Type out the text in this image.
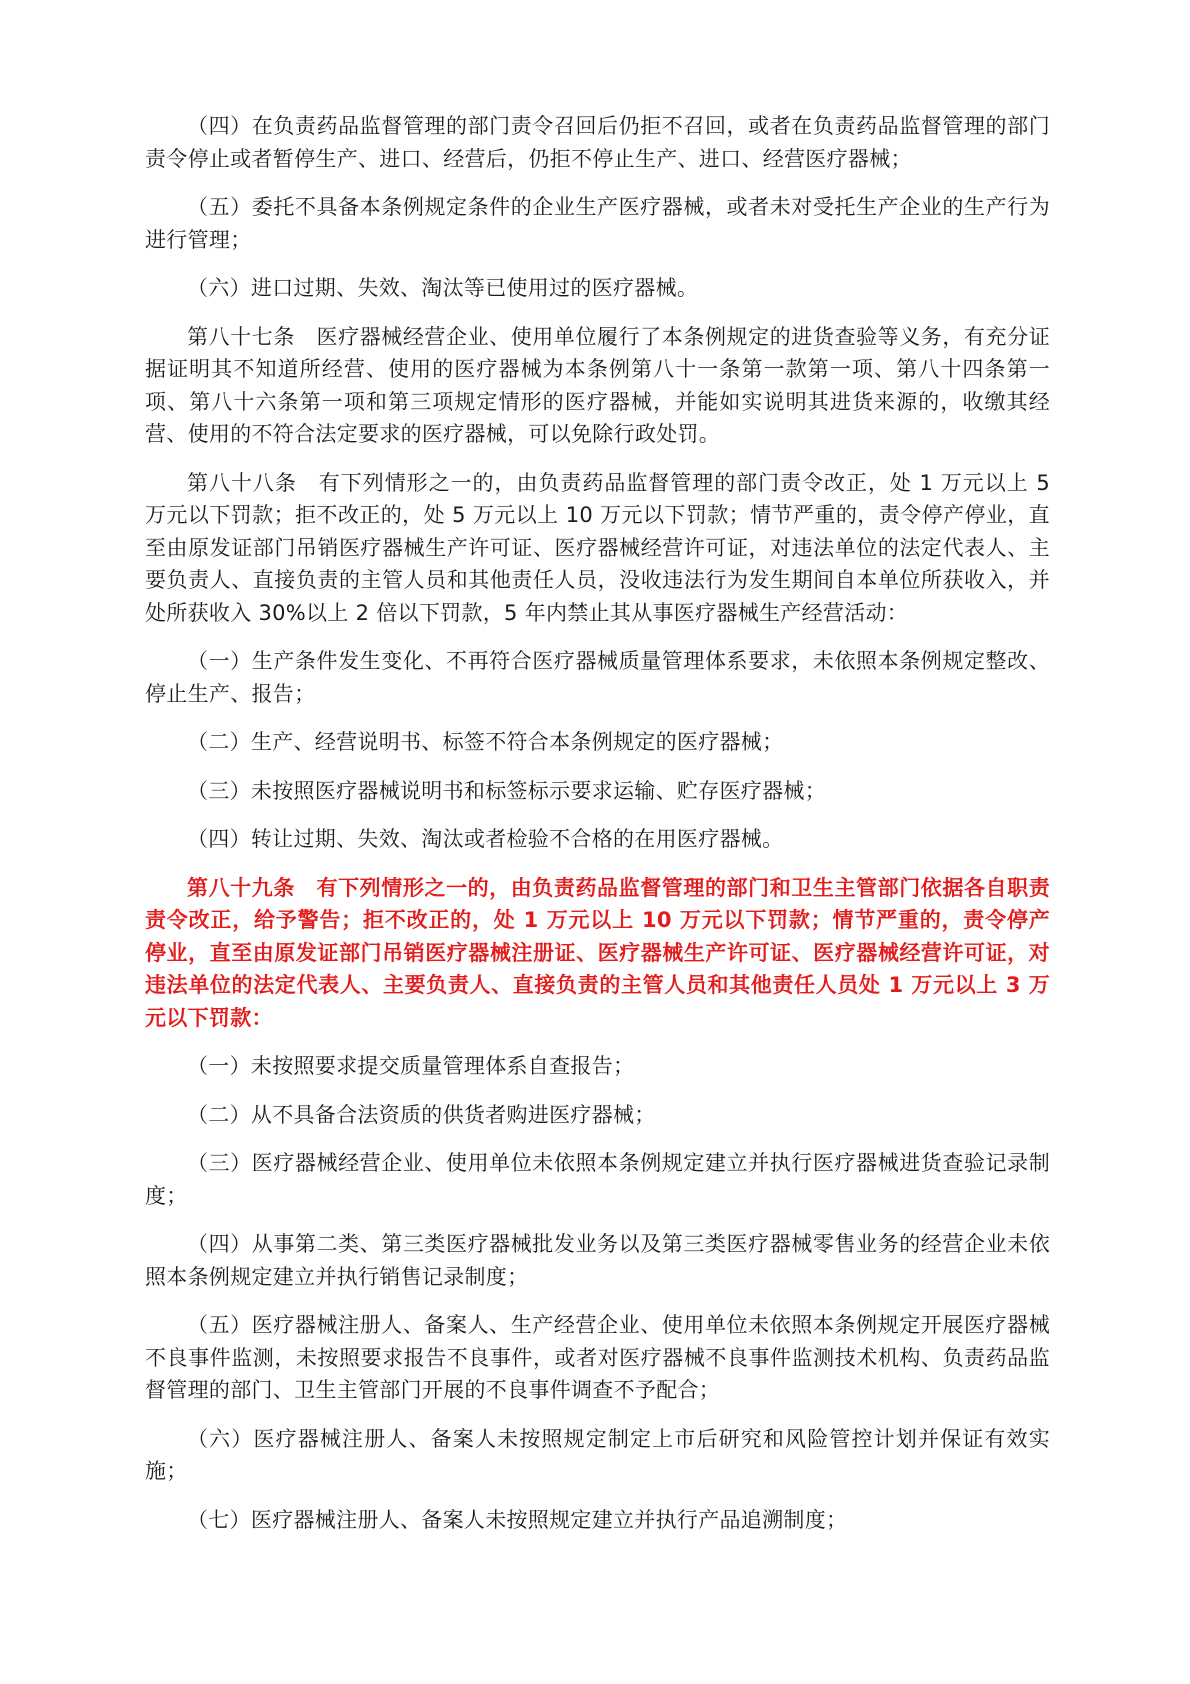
（四）在负责药品监督管理的部门责令召回后仍拒不召回，或者在负责药品监督管理的部门责令停止或者暂停生产、进口、经营后，仍拒不停止生产、进口、经营医疗器械；

（五）委托不具备本条例规定条件的企业生产医疗器械，或者未对受托生产企业的生产行为进行管理；

（六）进口过期、失效、淘汰等已使用过的医疗器械。

第八十七条　医疗器械经营企业、使用单位履行了本条例规定的进货查验等义务，有充分证据证明其不知道所经营、使用的医疗器械为本条例第八十一条第一款第一项、第八十四条第一项、第八十六条第一项和第三项规定情形的医疗器械，并能如实说明其进货来源的，收缴其经营、使用的不符合法定要求的医疗器械，可以免除行政处罚。

第八十八条　有下列情形之一的，由负责药品监督管理的部门责令改正，处 1 万元以上 5 万元以下罚款；拒不改正的，处 5 万元以上 10 万元以下罚款；情节严重的，责令停产停业，直至由原发证部门吊销医疗器械生产许可证、医疗器械经营许可证，对违法单位的法定代表人、主要负责人、直接负责的主管人员和其他责任人员，没收违法行为发生期间自本单位所获收入，并处所获收入 30%以上 2 倍以下罚款，5 年内禁止其从事医疗器械生产经营活动：

（一）生产条件发生变化、不再符合医疗器械质量管理体系要求，未依照本条例规定整改、停止生产、报告；

（二）生产、经营说明书、标签不符合本条例规定的医疗器械；

（三）未按照医疗器械说明书和标签标示要求运输、贮存医疗器械；

（四）转让过期、失效、淘汰或者检验不合格的在用医疗器械。

第八十九条　有下列情形之一的，由负责药品监督管理的部门和卫生主管部门依据各自职责责令改正，给予警告；拒不改正的，处 1 万元以上 10 万元以下罚款；情节严重的，责令停产停业，直至由原发证部门吊销医疗器械注册证、医疗器械生产许可证、医疗器械经营许可证，对违法单位的法定代表人、主要负责人、直接负责的主管人员和其他责任人员处 1 万元以上 3 万元以下罚款：

（一）未按照要求提交质量管理体系自查报告；

（二）从不具备合法资质的供货者购进医疗器械；

（三）医疗器械经营企业、使用单位未依照本条例规定建立并执行医疗器械进货查验记录制度；

（四）从事第二类、第三类医疗器械批发业务以及第三类医疗器械零售业务的经营企业未依照本条例规定建立并执行销售记录制度；

（五）医疗器械注册人、备案人、生产经营企业、使用单位未依照本条例规定开展医疗器械不良事件监测，未按照要求报告不良事件，或者对医疗器械不良事件监测技术机构、负责药品监督管理的部门、卫生主管部门开展的不良事件调查不予配合；

（六）医疗器械注册人、备案人未按照规定制定上市后研究和风险管控计划并保证有效实施；

（七）医疗器械注册人、备案人未按照规定建立并执行产品追溯制度；
